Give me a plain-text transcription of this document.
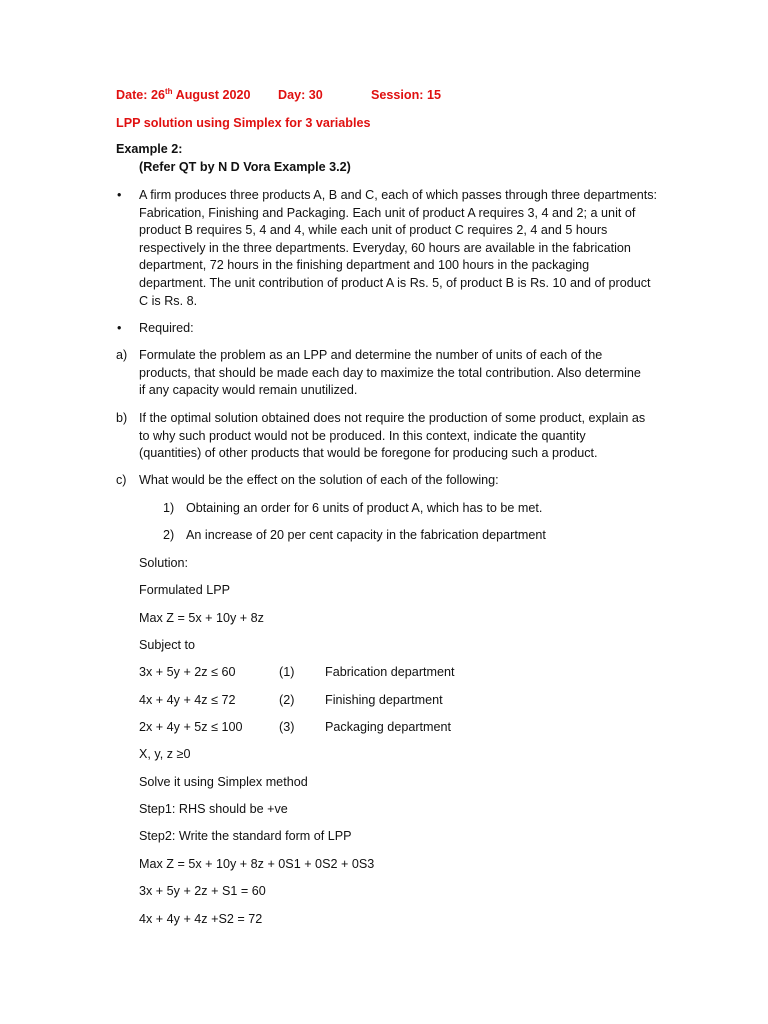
Date: 26th August 2020 Day: 30	Session: 15
LPP solution using Simplex for 3 variables
Example 2:
(Refer QT by N D Vora Example 3.2)
• A firm produces three products A, B and C, each of which passes through three departments:
Fabrication, Finishing and Packaging. Each unit of product A requires 3, 4 and 2; a unit of
product B requires 5, 4 and 4, while each unit of product C requires 2, 4 and 5 hours
respectively in the three departments. Everyday, 60 hours are available in the fabrication
department, 72 hours in the finishing department and 100 hours in the packaging
department. The unit contribution of product A is Rs. 5, of product B is Rs. 10 and of product
C is Rs. 8.
• Required:
a) Formulate the problem as an LPP and determine the number of units of each of the
products, that should be made each day to maximize the total contribution. Also determine
if any capacity would remain unutilized.
b) If the optimal solution obtained does not require the production of some product, explain as
to why such product would not be produced. In this context, indicate the quantity
(quantities) of other products that would be foregone for producing such a product.
c) What would be the effect on the solution of each of the following:
1) Obtaining an order for 6 units of product A, which has to be met.
2) An increase of 20 per cent capacity in the fabrication department
Solution:
Formulated LPP
Max Z = 5x + 10y + 8z
Subject to
3x + 5y + 2z ≤ 60	(1) Fabrication department
4x + 4y + 4z ≤ 72	(2) Finishing department
2x + 4y + 5z ≤ 100	(3) Packaging department
X, y, z ≥0
Solve it using Simplex method
Step1: RHS should be +ve
Step2: Write the standard form of LPP
Max Z = 5x + 10y + 8z + 0S1 + 0S2 + 0S3
3x + 5y + 2z + S1 = 60
4x + 4y + 4z +S2 = 72
